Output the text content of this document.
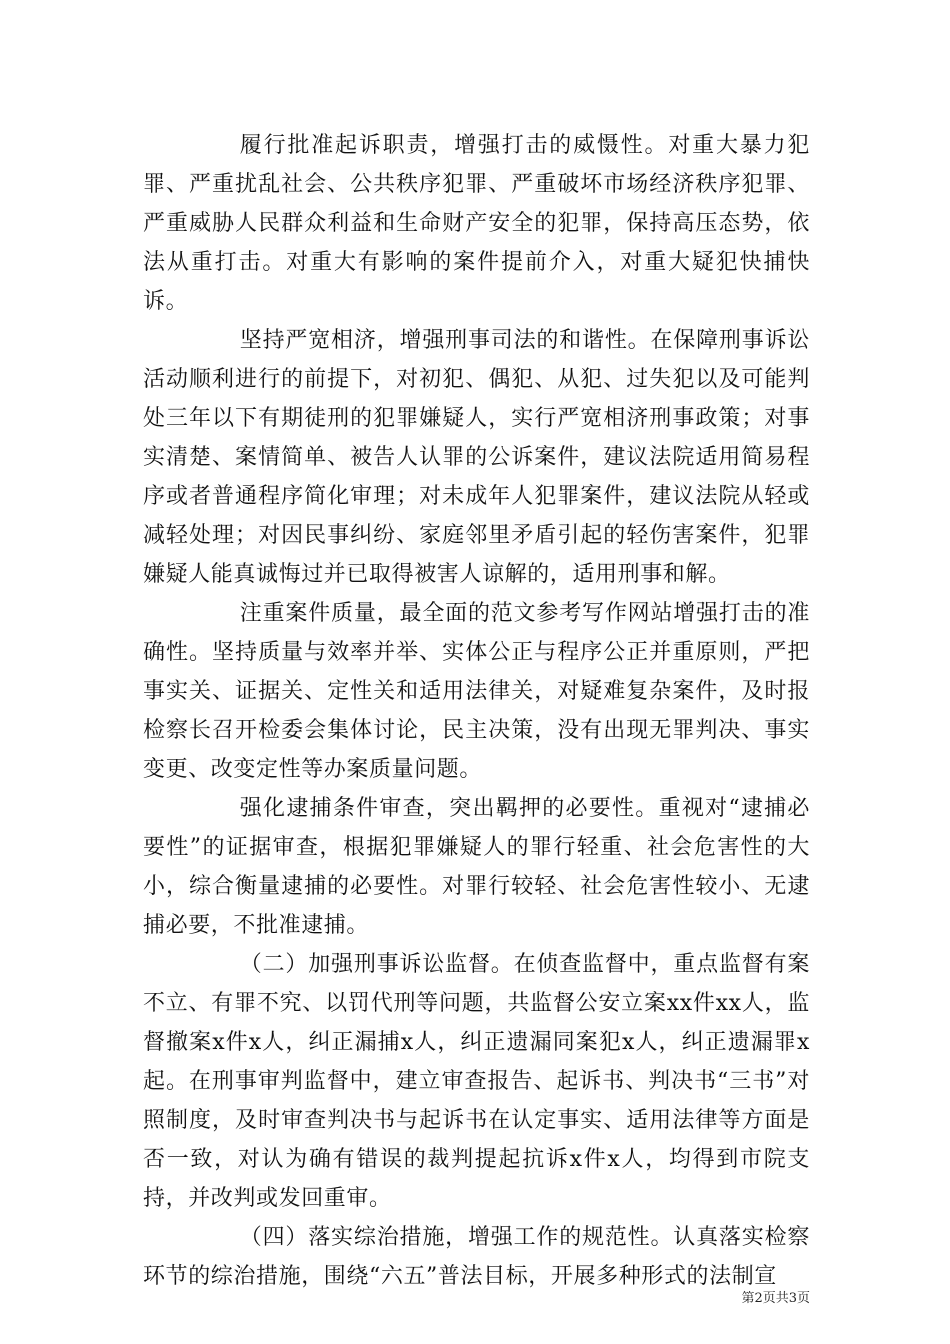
履行批准起诉职责，增强打击的威慑性。对重大暴力犯罪、严重扰乱社会、公共秩序犯罪、严重破坏市场经济秩序犯罪、严重威胁人民群众利益和生命财产安全的犯罪，保持高压态势，依法从重打击。对重大有影响的案件提前介入，对重大疑犯快捕快诉。

坚持严宽相济，增强刑事司法的和谐性。在保障刑事诉讼活动顺利进行的前提下，对初犯、偶犯、从犯、过失犯以及可能判处三年以下有期徒刑的犯罪嫌疑人，实行严宽相济刑事政策；对事实清楚、案情简单、被告人认罪的公诉案件，建议法院适用简易程序或者普通程序简化审理；对未成年人犯罪案件，建议法院从轻或减轻处理；对因民事纠纷、家庭邻里矛盾引起的轻伤害案件，犯罪嫌疑人能真诚悔过并已取得被害人谅解的，适用刑事和解。

注重案件质量，最全面的范文参考写作网站增强打击的准确性。坚持质量与效率并举、实体公正与程序公正并重原则，严把事实关、证据关、定性关和适用法律关，对疑难复杂案件，及时报检察长召开检委会集体讨论，民主决策，没有出现无罪判决、事实变更、改变定性等办案质量问题。

强化逮捕条件审查，突出羁押的必要性。重视对“逮捕必要性”的证据审查，根据犯罪嫌疑人的罪行轻重、社会危害性的大小，综合衡量逮捕的必要性。对罪行较轻、社会危害性较小、无逮捕必要，不批准逮捕。

（二）加强刑事诉讼监督。在侦查监督中，重点监督有案不立、有罪不究、以罚代刑等问题，共监督公安立案xx件xx人，监督撤案x件x人，纠正漏捕x人，纠正遗漏同案犯x人，纠正遗漏罪x起。在刑事审判监督中，建立审查报告、起诉书、判决书“三书”对照制度，及时审查判决书与起诉书在认定事实、适用法律等方面是否一致，对认为确有错误的裁判提起抗诉x件x人，均得到市院支持，并改判或发回重审。

（四）落实综治措施，增强工作的规范性。认真落实检察环节的综治措施，围绕“六五”普法目标，开展多种形式的法制宣

第2页共3页
